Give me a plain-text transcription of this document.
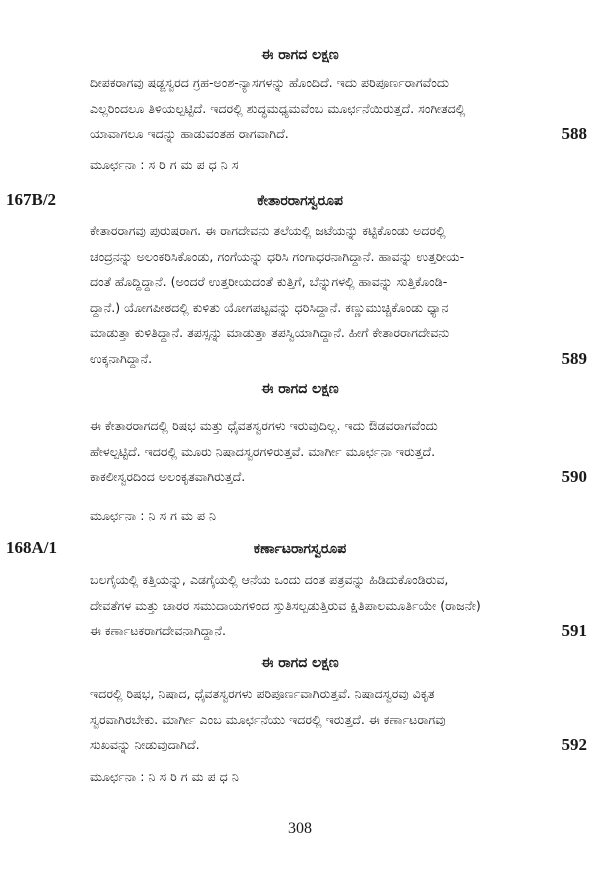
ಈ ರಾಗದ ಲಕ್ಷಣ
ದೀಪಕರಾಗವು ಷಡ್ಜಸ್ವರದ ಗ್ರಹ-ಅಂಶ-ನ್ಯಾಸಗಳನ್ನು ಹೊಂದಿದೆ. ಇದು ಪರಿಪೂರ್ಣರಾಗವೆಂದು
ಎಲ್ಲರಿಂದಲೂ ತಿಳಿಯಲ್ಪಟ್ಟಿದೆ. ಇದರಲ್ಲಿ ಶುದ್ಧಮಧ್ಯಮವೆಂಬ ಮೂರ್ಛನೆಯಿರುತ್ತದೆ. ಸಂಗೀತದಲ್ಲಿ
ಯಾವಾಗಲೂ ಇದನ್ನು ಹಾಡುವಂತಹ ರಾಗವಾಗಿದೆ.	588
ಮೂರ್ಛನಾ : ಸ ರಿ ಗ ಮ ಪ ಧ ನಿ ಸ
167B/2	ಕೇತಾರರಾಗಸ್ವರೂಪ
ಕೇತಾರರಾಗವು ಪುರುಷರಾಗ. ಈ ರಾಗದೇವನು ತಲೆಯಲ್ಲಿ ಜಟೆಯನ್ನು ಕಟ್ಟಿಕೊಂಡು ಅದರಲ್ಲಿ
ಚಂದ್ರನನ್ನು ಅಲಂಕರಿಸಿಕೊಂಡು, ಗಂಗೆಯನ್ನು ಧರಿಸಿ ಗಂಗಾಧರನಾಗಿದ್ದಾನೆ. ಹಾವನ್ನು ಉತ್ತರೀಯ-
ದಂತೆ ಹೊದ್ದಿದ್ದಾನೆ. (ಅಂದರೆ ಉತ್ತರೀಯದಂತೆ ಕುತ್ತಿಗೆ, ಬೆನ್ನುಗಳಲ್ಲಿ ಹಾವನ್ನು ಸುತ್ತಿಕೊಂಡಿ-
ದ್ದಾನೆ.) ಯೋಗಪೀಠದಲ್ಲಿ ಕುಳಿತು ಯೋಗಪಟ್ಟವನ್ನು ಧರಿಸಿದ್ದಾನೆ. ಕಣ್ಣುಮುಚ್ಚಿಕೊಂಡು ಧ್ಯಾನ
ಮಾಡುತ್ತಾ ಕುಳಿತಿದ್ದಾನೆ. ತಪಸ್ಸನ್ನು ಮಾಡುತ್ತಾ ತಪಸ್ವಿಯಾಗಿದ್ದಾನೆ. ಹೀಗೆ ಕೇತಾರರಾಗದೇವನು
ಉಕ್ಕನಾಗಿದ್ದಾನೆ.	589
ಈ ರಾಗದ ಲಕ್ಷಣ
ಈ ಕೇತಾರರಾಗದಲ್ಲಿ ರಿಷಭ ಮತ್ತು ಧೈವತಸ್ವರಗಳು ಇರುವುದಿಲ್ಲ. ಇದು ಔಡವರಾಗವೆಂದು
ಹೇಳಲ್ಪಟ್ಟಿದೆ. ಇದರಲ್ಲಿ ಮೂರು ನಿಷಾದಸ್ವರಗಳಿರುತ್ತವೆ. ಮಾರ್ಗೀ ಮೂರ್ಛನಾ ಇರುತ್ತದೆ.
ಕಾಕಲೀಸ್ವರದಿಂದ ಅಲಂಕೃತವಾಗಿರುತ್ತದೆ.	590
ಮೂರ್ಛನಾ : ನಿ ಸ ಗ ಮ ಪ ನಿ
168A/1	ಕರ್ಣಾಟರಾಗಸ್ವರೂಪ
ಬಲಗೈಯಲ್ಲಿ ಕತ್ತಿಯನ್ನು, ಎಡಗೈಯಲ್ಲಿ ಆನೆಯ ಒಂದು ದಂತ ಪತ್ರವನ್ನು ಹಿಡಿದುಕೊಂಡಿರುವ,
ದೇವತೆಗಳ ಮತ್ತು ಚಾರರ ಸಮುದಾಯಗಳಿಂದ ಸ್ತುತಿಸಲ್ಪಡುತ್ತಿರುವ ಕ್ಷಿತಿಪಾಲಮೂರ್ತಿಯೇ (ರಾಜನೇ)
ಈ ಕರ್ಣಾಟಕರಾಗದೇವನಾಗಿದ್ದಾನೆ.	591
ಈ ರಾಗದ ಲಕ್ಷಣ
ಇದರಲ್ಲಿ ರಿಷಭ, ನಿಷಾದ, ಧೈವತಸ್ವರಗಳು ಪರಿಪೂರ್ಣವಾಗಿರುತ್ತವೆ. ನಿಷಾದಸ್ವರವು ವಿಕೃತ
ಸ್ವರವಾಗಿರಬೇಕು. ಮಾರ್ಗೀ ಎಂಬ ಮೂರ್ಛನೆಯು ಇದರಲ್ಲಿ ಇರುತ್ತದೆ. ಈ ಕರ್ಣಾಟರಾಗವು
ಸುಖವನ್ನು ನೀಡುವುದಾಗಿದೆ.	592
ಮೂರ್ಛನಾ : ನಿ ಸ ರಿ ಗ ಮ ಪ ಧ ನಿ
308
